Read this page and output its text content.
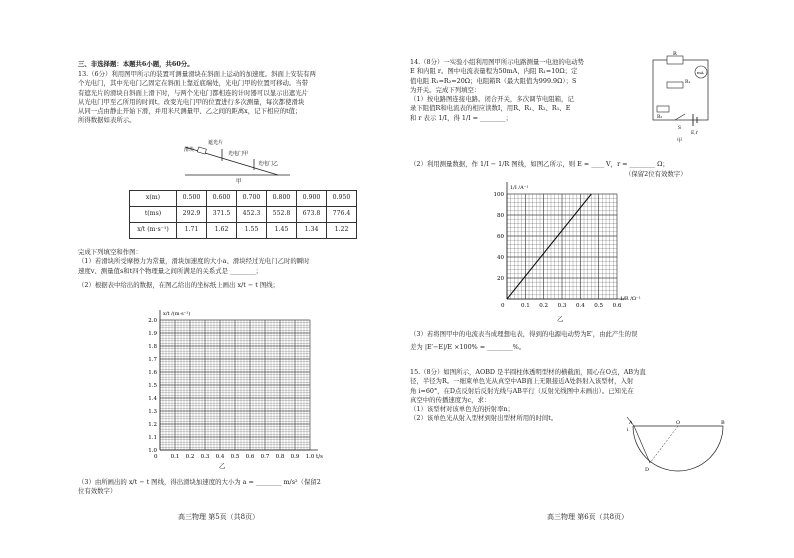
三、非选择题：本题共6小题，共60分。
13.（6分）利用图甲所示的装置可测量滑块在斜面上运动的加速度。斜面上安装有两
个光电门，其中光电门乙固定在斜面上靠近底端处，光电门甲的位置可移动。当带
有遮光片的滑块自斜面上滑下时，与两个光电门都相连的计时器可以显示出遮光片
从光电门甲至乙所用的时间t。改变光电门甲的位置进行多次测量，每次都使滑块
从同一点由静止开始下滑，并用米尺测量甲、乙之间的距离x，记下相应的t值；
所得数据如表所示。
遮光片
滑块
光电门甲
光电门乙
甲
x(m)	0.500	0.600	0.700	0.800	0.900	0.950
t(ms)	292.9	371.5	452.3	552.8	673.8	776.4
x/t (m·s⁻¹)	1.71	1.62	1.55	1.45	1.34	1.22
完成下列填空和作图：
（1）若滑块所受摩擦力为常量，滑块加速度的大小a、滑块经过光电门乙时的瞬时
速度v、测量值s和t四个物理量之间所满足的关系式是 ________；
（2）根据表中给出的数据，在图乙给出的坐标纸上画出 x/t − t 图线；
x/t /(m·s⁻¹)
1.0
1.1
1.2
1.3
1.4
1.5
1.6
1.7
1.8
1.9
2.0
0 0.1 0.2 0.3 0.4 0.5 0.6 0.7 0.8 0.9 1.0 t/s
乙
（3）由所画出的 x/t − t 图线，得出滑块加速度的大小为 a = ________ m/s²（保留2
位有效数字）
高三物理 第5页（共8页）
14.（8分）一实验小组利用图甲所示电路测量一电池的电动势
E 和内阻 r。图中电流表量程为50mA，内阻 R₁=10Ω；定
值电阻 R₁=R₂=20Ω；电阻箱R（最大阻值为999.9Ω）；S
为开关。完成下列填空：
（1）按电路图连接电路。闭合开关，多次调节电阻箱，记
录下阻值R和电流表的相应读数I，用R、R₁、R₂、R₁、E
和 r 表示 1/I，得 1/I = ________；
R
mA
R₁
R₂
S
E,r
甲
（2）利用测量数据，作 1/I − 1/R 图线，如图乙所示，则 E = ____ V，r = ________ Ω；
（保留2位有效数字）
1/I /A⁻¹
20
40
60
80
100
0	0.1 0.2 0.3 0.4 0.5 0.6
1/R /Ω⁻¹
乙
（3）若将图甲中的电流表当成理想电表，得到的电源电动势为E′，由此产生的误
差为 |E′−E|/E ×100% = ________%。
15.（8分）如图所示，AOBD 是半圆柱体透明型材的横截面，圆心在O点，AB为直
径，半径为R。一细束单色光从真空中AB面上无限接近A处斜射入该型材，入射
角 i=60°，在D点反射后反射光线与AB平行（反射光线图中未画出）。已知光在
真空中的传播速度为c，求：
（1）该型材对该单色光的折射率n；
（2）该单色光从射入型材到射出型材所用的时间t。
A	O	B
D
i
高三物理 第6页（共8页）
